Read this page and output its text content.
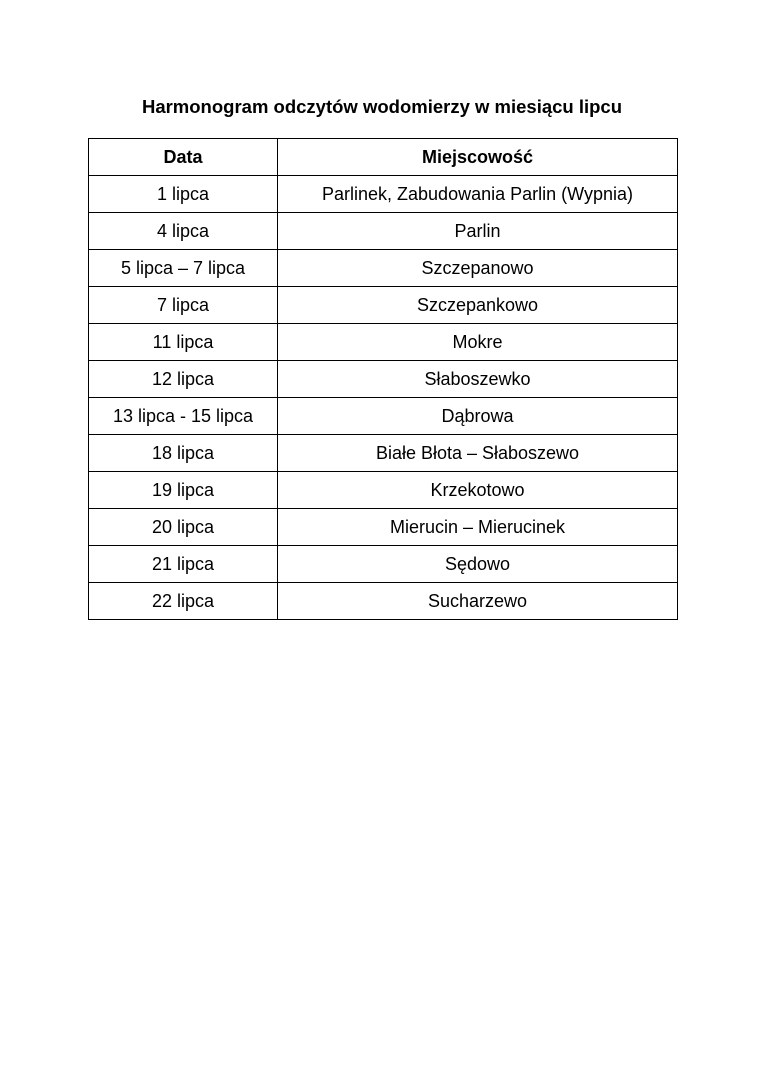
Harmonogram odczytów wodomierzy w miesiącu lipcu
Data	Miejscowość
1 lipca	Parlinek, Zabudowania Parlin (Wypnia)
4 lipca	Parlin
5 lipca – 7 lipca	Szczepanowo
7 lipca	Szczepankowo
11 lipca	Mokre
12 lipca	Słaboszewko
13 lipca - 15 lipca	Dąbrowa
18 lipca	Białe Błota – Słaboszewo
19 lipca	Krzekotowo
20 lipca	Mierucin – Mierucinek
21 lipca	Sędowo
22 lipca	Sucharzewo
